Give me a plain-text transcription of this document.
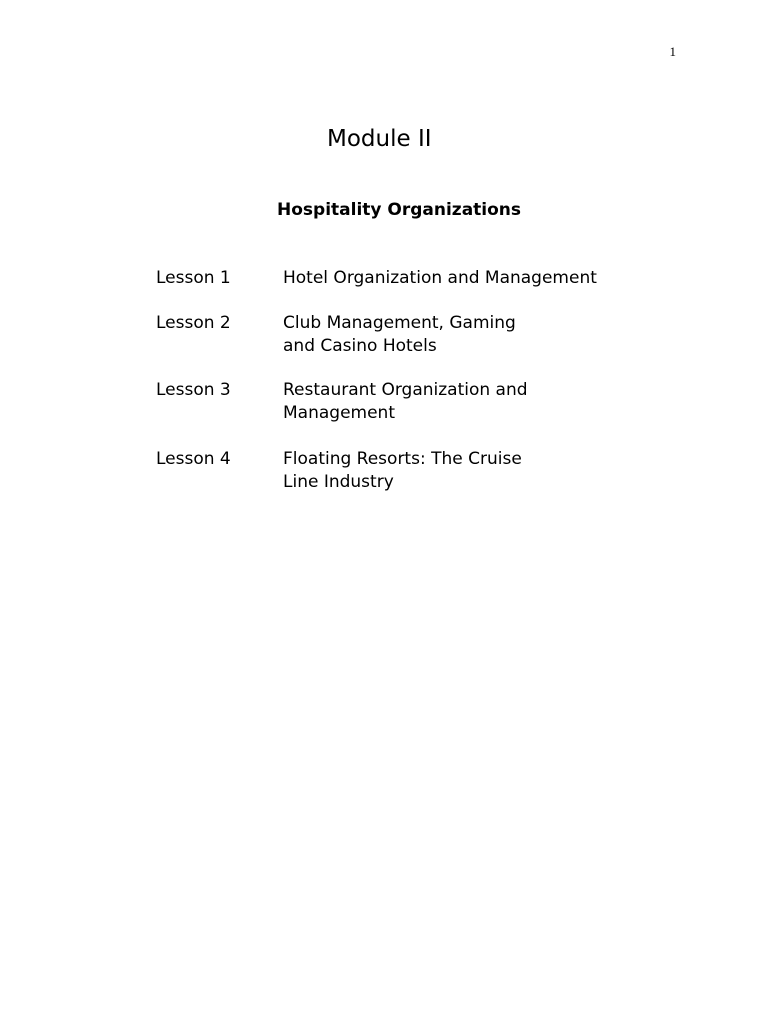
1
Module II
Hospitality Organizations
Lesson 1	Hotel Organization and Management
Lesson 2	Club Management, Gaming
and Casino Hotels
Lesson 3	Restaurant Organization and
Management
Lesson 4	Floating Resorts: The Cruise
Line Industry
